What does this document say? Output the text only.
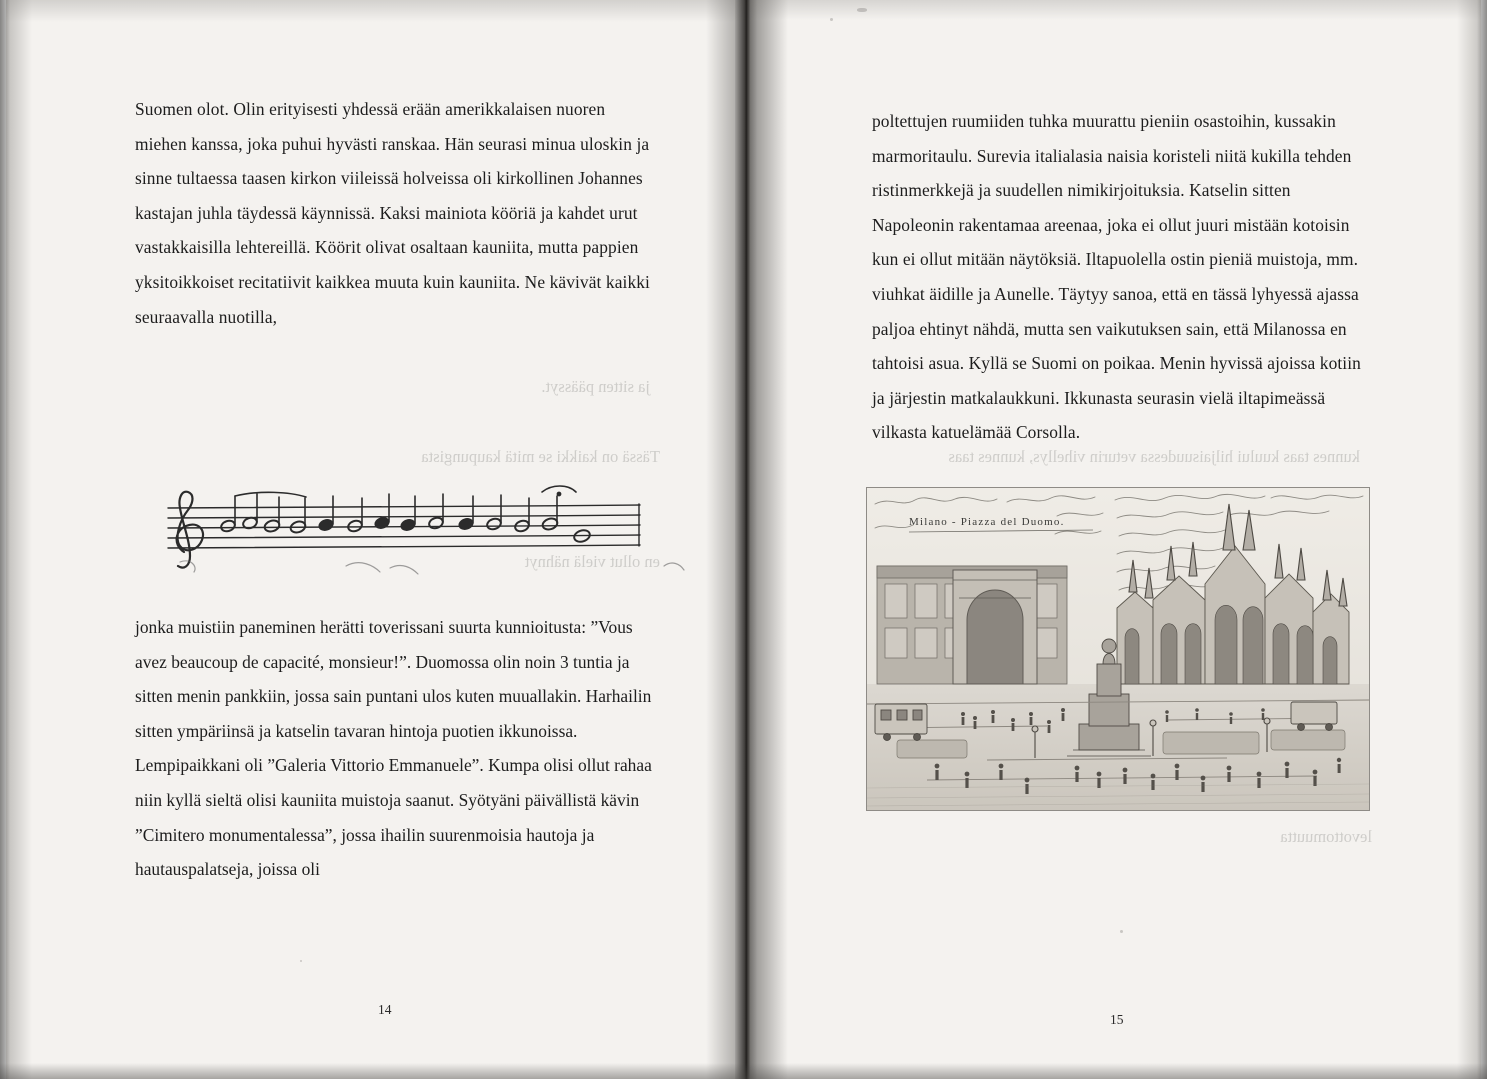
ja sitten päässyt.
Tässä on kaikki se mitä kaupungista
en ollut vielä nähnyt
kunnes taas kuului hiljaisuudessa veturin vihellys, kunnes taas
levottomuutta

Suomen olot. Olin erityisesti yhdessä erään amerikkalaisen nuoren miehen kanssa, joka puhui hyvästi ranskaa. Hän seurasi minua uloskin ja sinne tultaessa taasen kirkon viileissä holveissa oli kirkollinen Johannes kastajan juhla täydessä käynnissä. Kaksi mainiota kööriä ja kahdet urut vastakkaisilla lehtereillä. Köörit olivat osaltaan kauniita, mutta pappien yksitoikkoiset recitatiivit kaikkea muuta kuin kauniita. Ne kävivät kaikki seuraavalla nuotilla,

jonka muistiin paneminen herätti toverissani suurta kunnioitusta: ”Vous avez beaucoup de capacité, monsieur!”. Duomossa olin noin 3 tuntia ja sitten menin pankkiin, jossa sain puntani ulos kuten muuallakin. Harhailin sitten ympäriinsä ja katselin tavaran hintoja puotien ikkunoissa. Lempipaikkani oli ”Galeria Vittorio Emmanuele”. Kumpa olisi ollut rahaa niin kyllä sieltä olisi kauniita muistoja saanut. Syötyäni päivällistä kävin ”Cimitero monumentalessa”, jossa ihailin suurenmoisia hautoja ja hautauspalatseja, joissa oli

poltettujen ruumiiden tuhka muurattu pieniin osastoihin, kussakin marmoritaulu. Surevia italialasia naisia koristeli niitä kukilla tehden ristinmerkkejä ja suudellen nimikirjoituksia. Katselin sitten Napoleonin rakentamaa areenaa, joka ei ollut juuri mistään kotoisin kun ei ollut mitään näytöksiä. Iltapuolella ostin pieniä muistoja, mm. viuhkat äidille ja Aunelle. Täytyy sanoa, että en tässä lyhyessä ajassa paljoa ehtinyt nähdä, mutta sen vaikutuksen sain, että Milanossa en tahtoisi asua. Kyllä se Suomi on poikaa. Menin hyvissä ajoissa kotiin ja järjestin matkalaukkuni. Ikkunasta seurasin vielä iltapimeässä vilkasta katuelämää Corsolla.

Milano - Piazza del Duomo.
14
15
